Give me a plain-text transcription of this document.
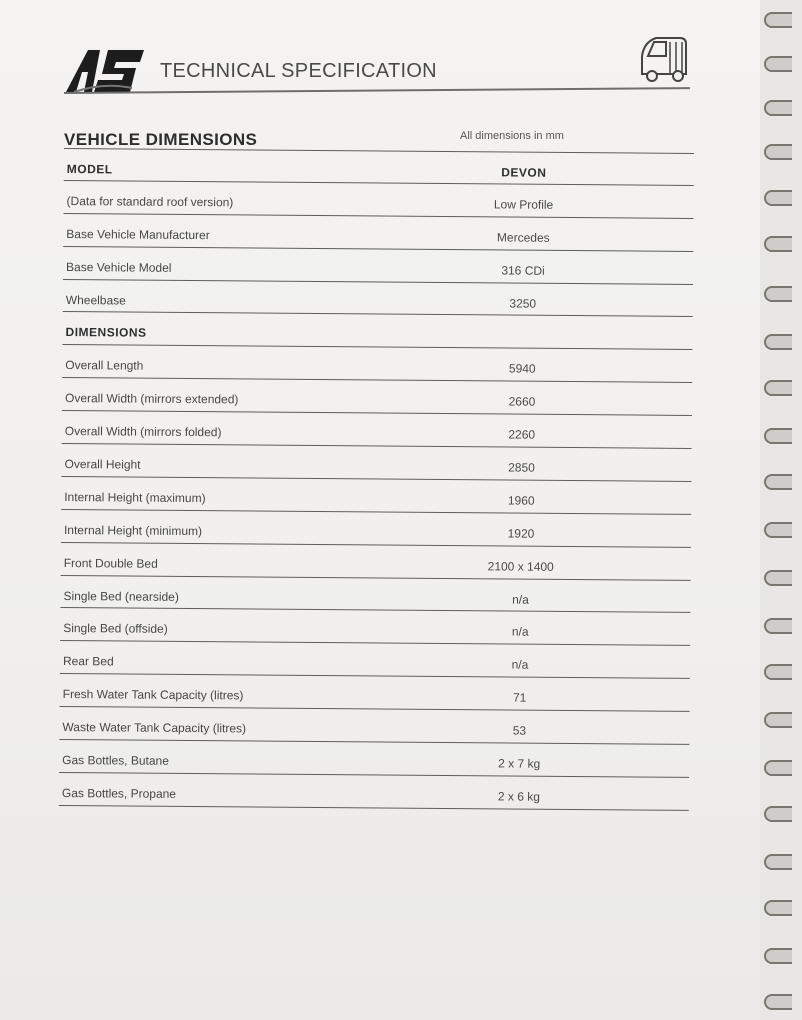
TECHNICAL SPECIFICATION
VEHICLE DIMENSIONS	All dimensions in mm
MODEL	DEVON
(Data for standard roof version)	Low Profile
Base Vehicle Manufacturer	Mercedes
Base Vehicle Model	316 CDi
Wheelbase	3250
DIMENSIONS
Overall Length	5940
Overall Width (mirrors extended)	2660
Overall Width (mirrors folded)	2260
Overall Height	2850
Internal Height (maximum)	1960
Internal Height (minimum)	1920
Front Double Bed	2100 x 1400
Single Bed (nearside)	n/a
Single Bed (offside)	n/a
Rear Bed	n/a
Fresh Water Tank Capacity (litres)	71
Waste Water Tank Capacity (litres)	53
Gas Bottles, Butane	2 x 7 kg
Gas Bottles, Propane	2 x 6 kg
